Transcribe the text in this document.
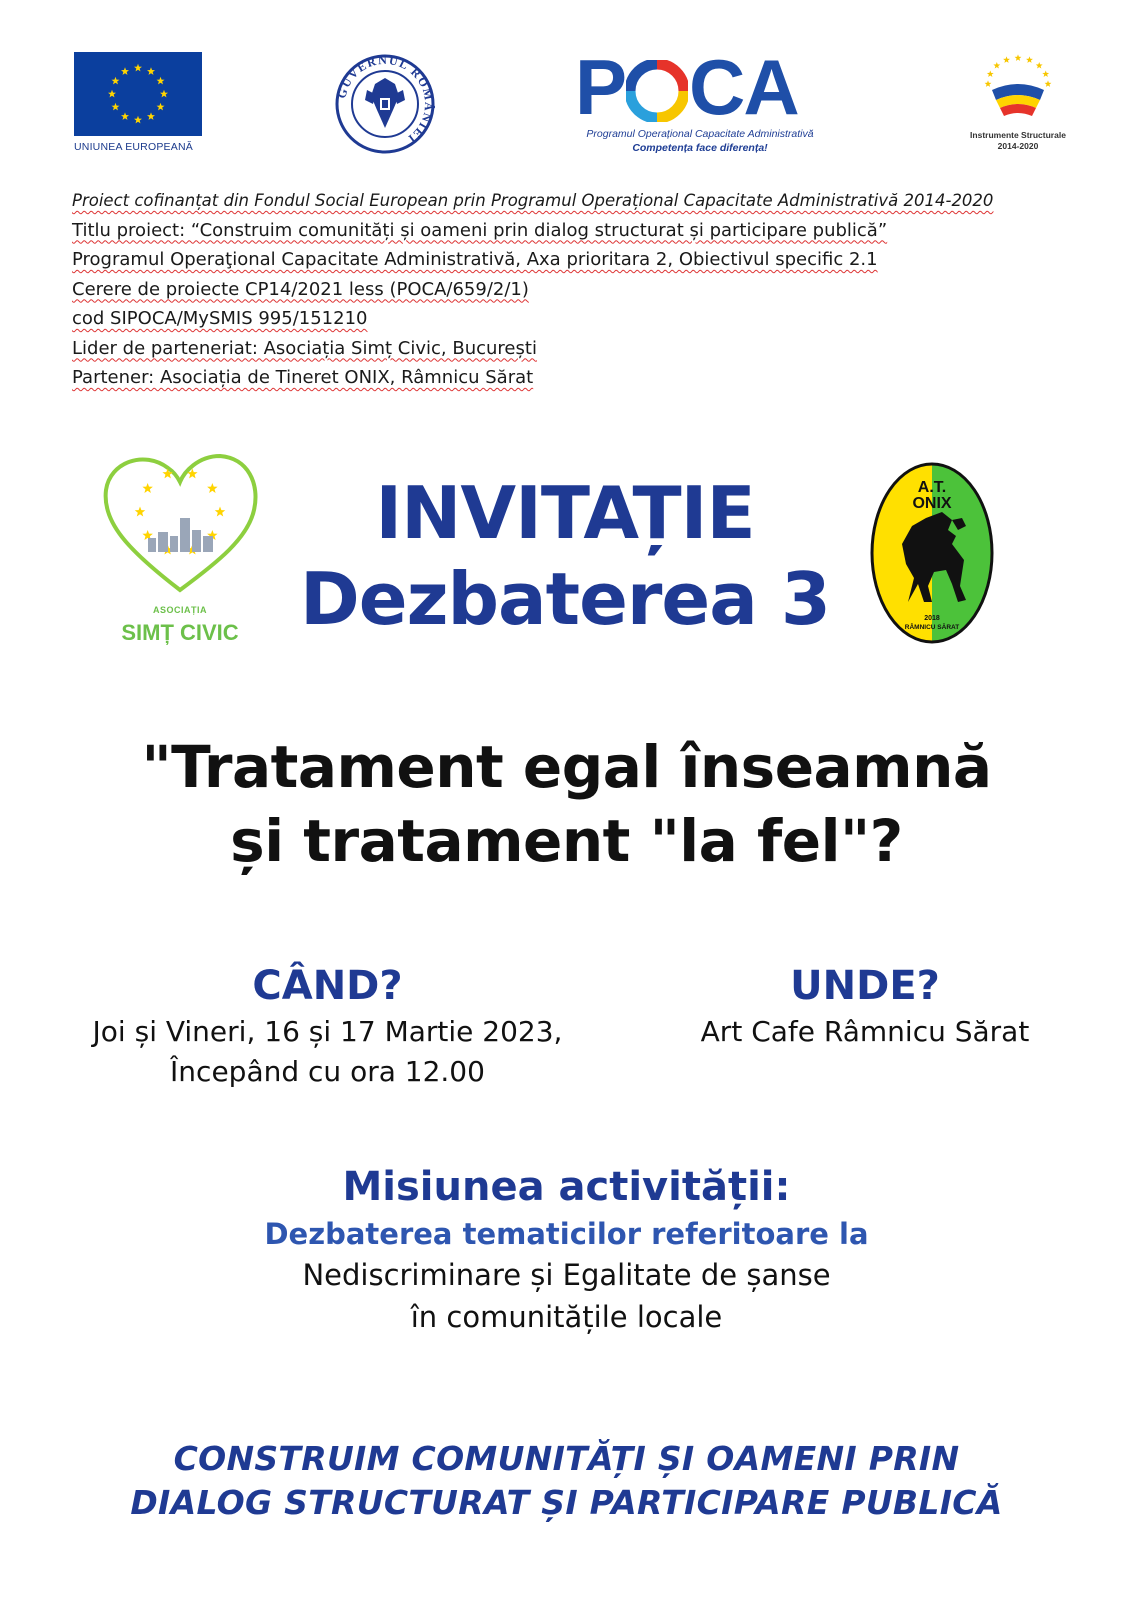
UNIUNEA EUROPEANĂ
GUVERNUL ROMÂNIEI
P CA
Programul Operațional Capacitate Administrativă
Competența face diferența!
Instrumente Structurale
2014-2020
Proiect cofinanțat din Fondul Social European prin Programul Operațional Capacitate Administrativă 2014-2020
Titlu proiect: “Construim comunități și oameni prin dialog structurat și participare publică”
Programul Operaţional Capacitate Administrativă, Axa prioritara 2, Obiectivul specific 2.1
Cerere de proiecte CP14/2021 less (POCA/659/2/1)
cod SIPOCA/MySMIS 995/151210
Lider de parteneriat: Asociația Simț Civic, București
Partener: Asociația de Tineret ONIX, Râmnicu Sărat
ASOCIAȚIA
SIMȚ CIVIC
INVITAȚIE
Dezbaterea 3
A.T.
ONIX
2018
RÂMNICU SĂRAT
"Tratament egal înseamnă
și tratament "la fel"?
CÂND?
Joi și Vineri, 16 și 17 Martie 2023,
Începând cu ora 12.00
UNDE?
Art Cafe Râmnicu Sărat
Misiunea activității:
Dezbaterea tematicilor referitoare la
Nediscriminare și Egalitate de șanse
în comunitățile locale
CONSTRUIM COMUNITĂȚI ȘI OAMENI PRIN
DIALOG STRUCTURAT ȘI PARTICIPARE PUBLICĂ
